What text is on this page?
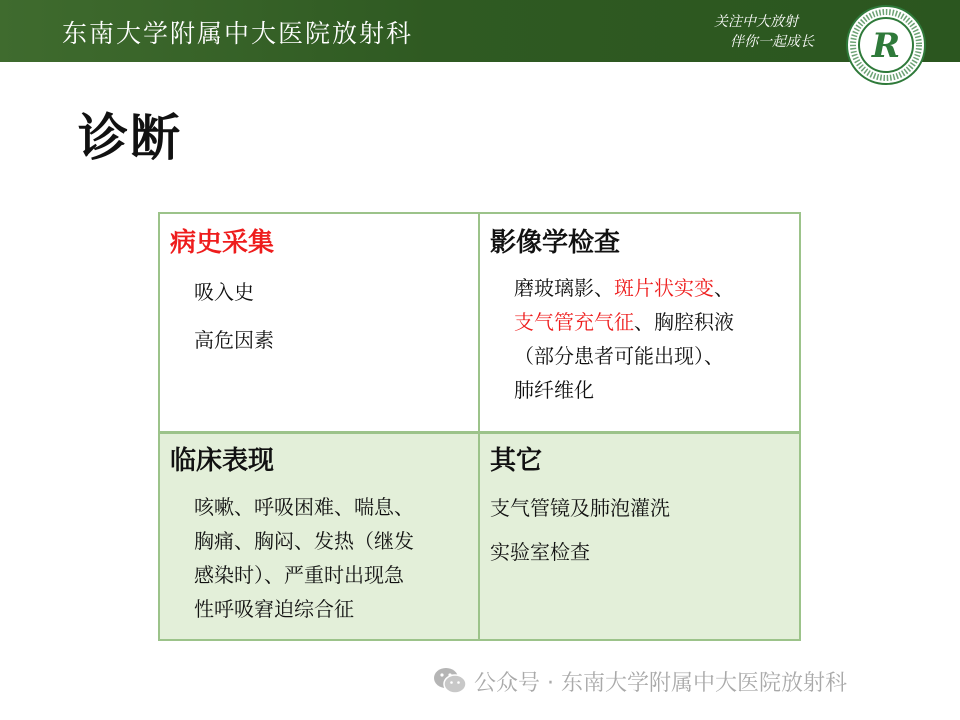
东南大学附属中大医院放射科	关注中大放射
伴你一起成长 R
诊断
病史采集
吸入史
高危因素
影像学检查
磨玻璃影、斑片状实变、
支气管充气征、胸腔积液
（部分患者可能出现）、
肺纤维化
临床表现
咳嗽、呼吸困难、喘息、
胸痛、胸闷、发热（继发
感染时）、严重时出现急
性呼吸窘迫综合征
其它
支气管镜及肺泡灌洗
实验室检查
公众号 · 东南大学附属中大医院放射科
